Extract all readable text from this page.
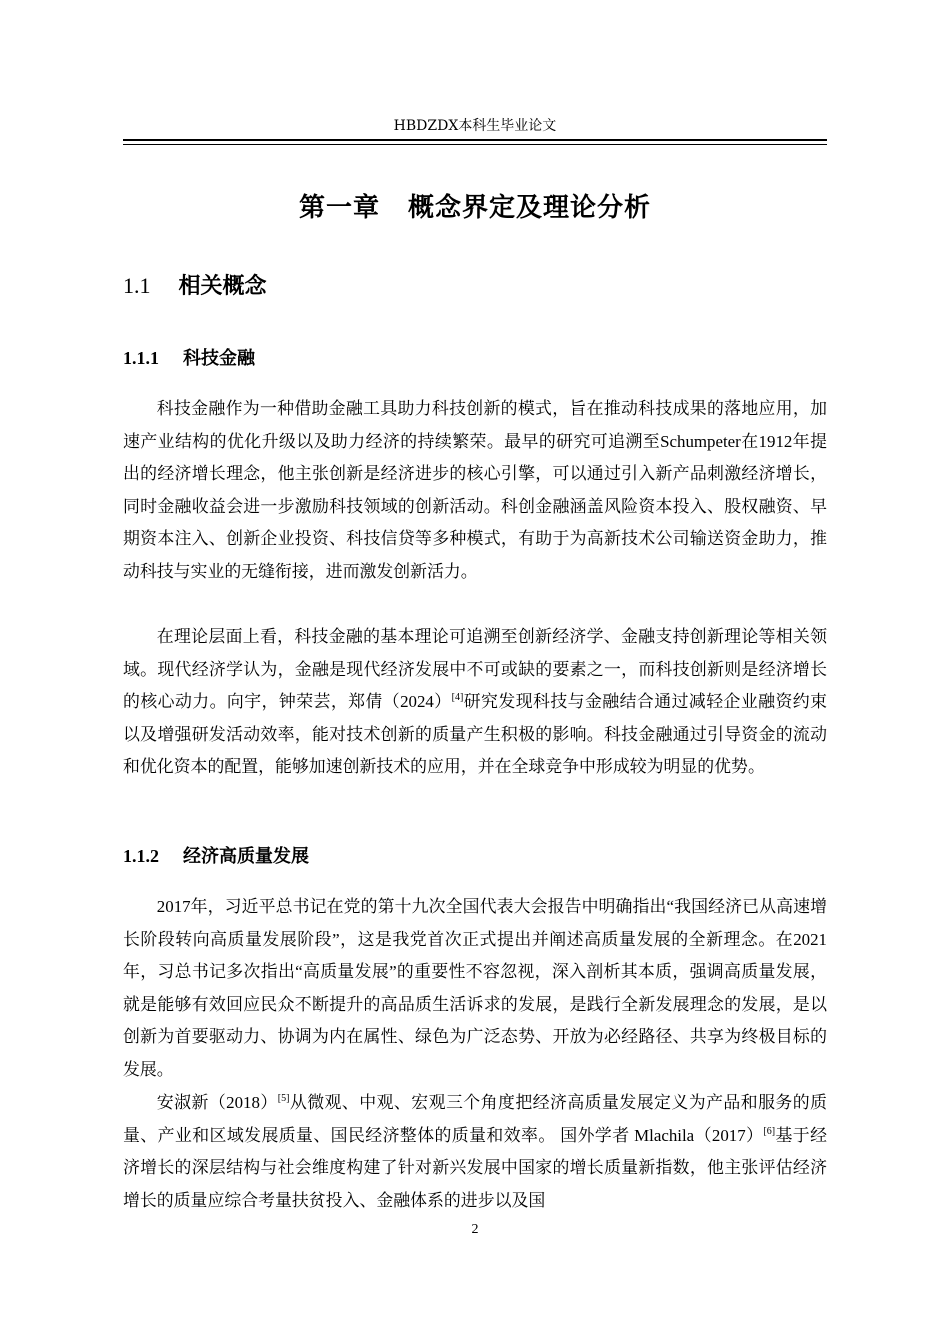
HBDZDX本科生毕业论文
第一章 概念界定及理论分析
1.1 相关概念
1.1.1 科技金融
科技金融作为一种借助金融工具助力科技创新的模式，旨在推动科技成果的落地应用，加速产业结构的优化升级以及助力经济的持续繁荣。最早的研究可追溯至Schumpeter在1912年提出的经济增长理念，他主张创新是经济进步的核心引擎，可以通过引入新产品刺激经济增长，同时金融收益会进一步激励科技领域的创新活动。科创金融涵盖风险资本投入、股权融资、早期资本注入、创新企业投资、科技信贷等多种模式，有助于为高新技术公司输送资金助力，推动科技与实业的无缝衔接，进而激发创新活力。
在理论层面上看，科技金融的基本理论可追溯至创新经济学、金融支持创新理论等相关领域。现代经济学认为，金融是现代经济发展中不可或缺的要素之一，而科技创新则是经济增长的核心动力。向宇，钟荣芸，郑倩（2024）[4]研究发现科技与金融结合通过减轻企业融资约束以及增强研发活动效率，能对技术创新的质量产生积极的影响。科技金融通过引导资金的流动和优化资本的配置，能够加速创新技术的应用，并在全球竞争中形成较为明显的优势。
1.1.2 经济高质量发展
2017年，习近平总书记在党的第十九次全国代表大会报告中明确指出“我国经济已从高速增长阶段转向高质量发展阶段”，这是我党首次正式提出并阐述高质量发展的全新理念。在2021年，习总书记多次指出“高质量发展”的重要性不容忽视，深入剖析其本质，强调高质量发展，就是能够有效回应民众不断提升的高品质生活诉求的发展，是践行全新发展理念的发展，是以创新为首要驱动力、协调为内在属性、绿色为广泛态势、开放为必经路径、共享为终极目标的发展。
安淑新（2018）[5]从微观、中观、宏观三个角度把经济高质量发展定义为产品和服务的质量、产业和区域发展质量、国民经济整体的质量和效率。 国外学者 Mlachila（2017）[6]基于经济增长的深层结构与社会维度构建了针对新兴发展中国家的增长质量新指数，他主张评估经济增长的质量应综合考量扶贫投入、金融体系的进步以及国
2
